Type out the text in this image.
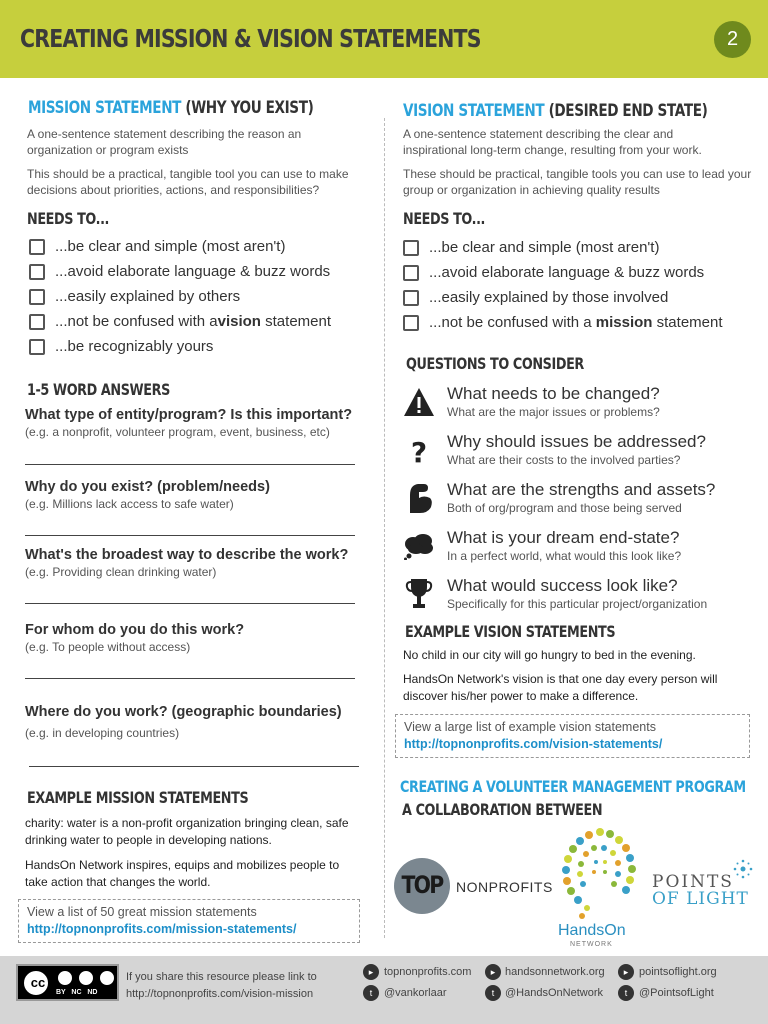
CREATING MISSION & VISION STATEMENTS	2
MISSION STATEMENT (WHY YOU EXIST)
A one-sentence statement describing the reason an organization or program exists
This should be a practical, tangible tool you can use to make decisions about priorities, actions, and responsibilities?
NEEDS TO...
...be clear and simple (most aren't)
...avoid elaborate language & buzz words
...easily explained by others
...not be confused with a vision statement
...be recognizably yours
1-5 WORD ANSWERS
What type of entity/program? Is this important?
(e.g. a nonprofit, volunteer program, event, business, etc)
Why do you exist? (problem/needs)
(e.g. Millions lack access to safe water)
What's the broadest way to describe the work?
(e.g. Providing clean drinking water)
For whom do you do this work?
(e.g. To people without access)
Where do you work? (geographic boundaries)
(e.g. in developing countries)
EXAMPLE MISSION STATEMENTS
charity: water is a non-profit organization bringing clean, safe drinking water to people in developing nations.
HandsOn Network inspires, equips and mobilizes people to take action that changes the world.
View a list of 50 great mission statements
http://topnonprofits.com/mission-statements/
VISION STATEMENT (DESIRED END STATE)
A one-sentence statement describing the clear and inspirational long-term change, resulting from your work.
These should be practical, tangible tools you can use to lead your group or organization in achieving quality results
NEEDS TO...
...be clear and simple (most aren't)
...avoid elaborate language & buzz words
...easily explained by those involved
...not be confused with a mission statement
QUESTIONS TO CONSIDER
What needs to be changed?
What are the major issues or problems?
? Why should issues be addressed?
What are their costs to the involved parties?
What are the strengths and assets?
Both of org/program and those being served
What is your dream end-state?
In a perfect world, what would this look like?
What would success look like?
Specifically for this particular project/organization
EXAMPLE VISION STATEMENTS
No child in our city will go hungry to bed in the evening.
HandsOn Network's vision is that one day every person will discover his/her power to make a difference.
View a large list of example vision statements
http://topnonprofits.com/vision-statements/
CREATING A VOLUNTEER MANAGEMENT PROGRAM
A COLLABORATION BETWEEN
TOP NONPROFITS
HandsOn
NETWORK
POINTS
OF LIGHT
cc
BY   NC   ND
If you share this resource please link to
http://topnonprofits.com/vision-mission
▸ topnonprofits.com	▸ handsonnetwork.org	▸ pointsoflight.org
t	@vankorlaar	t @HandsOnNetwork	t	@PointsofLight
